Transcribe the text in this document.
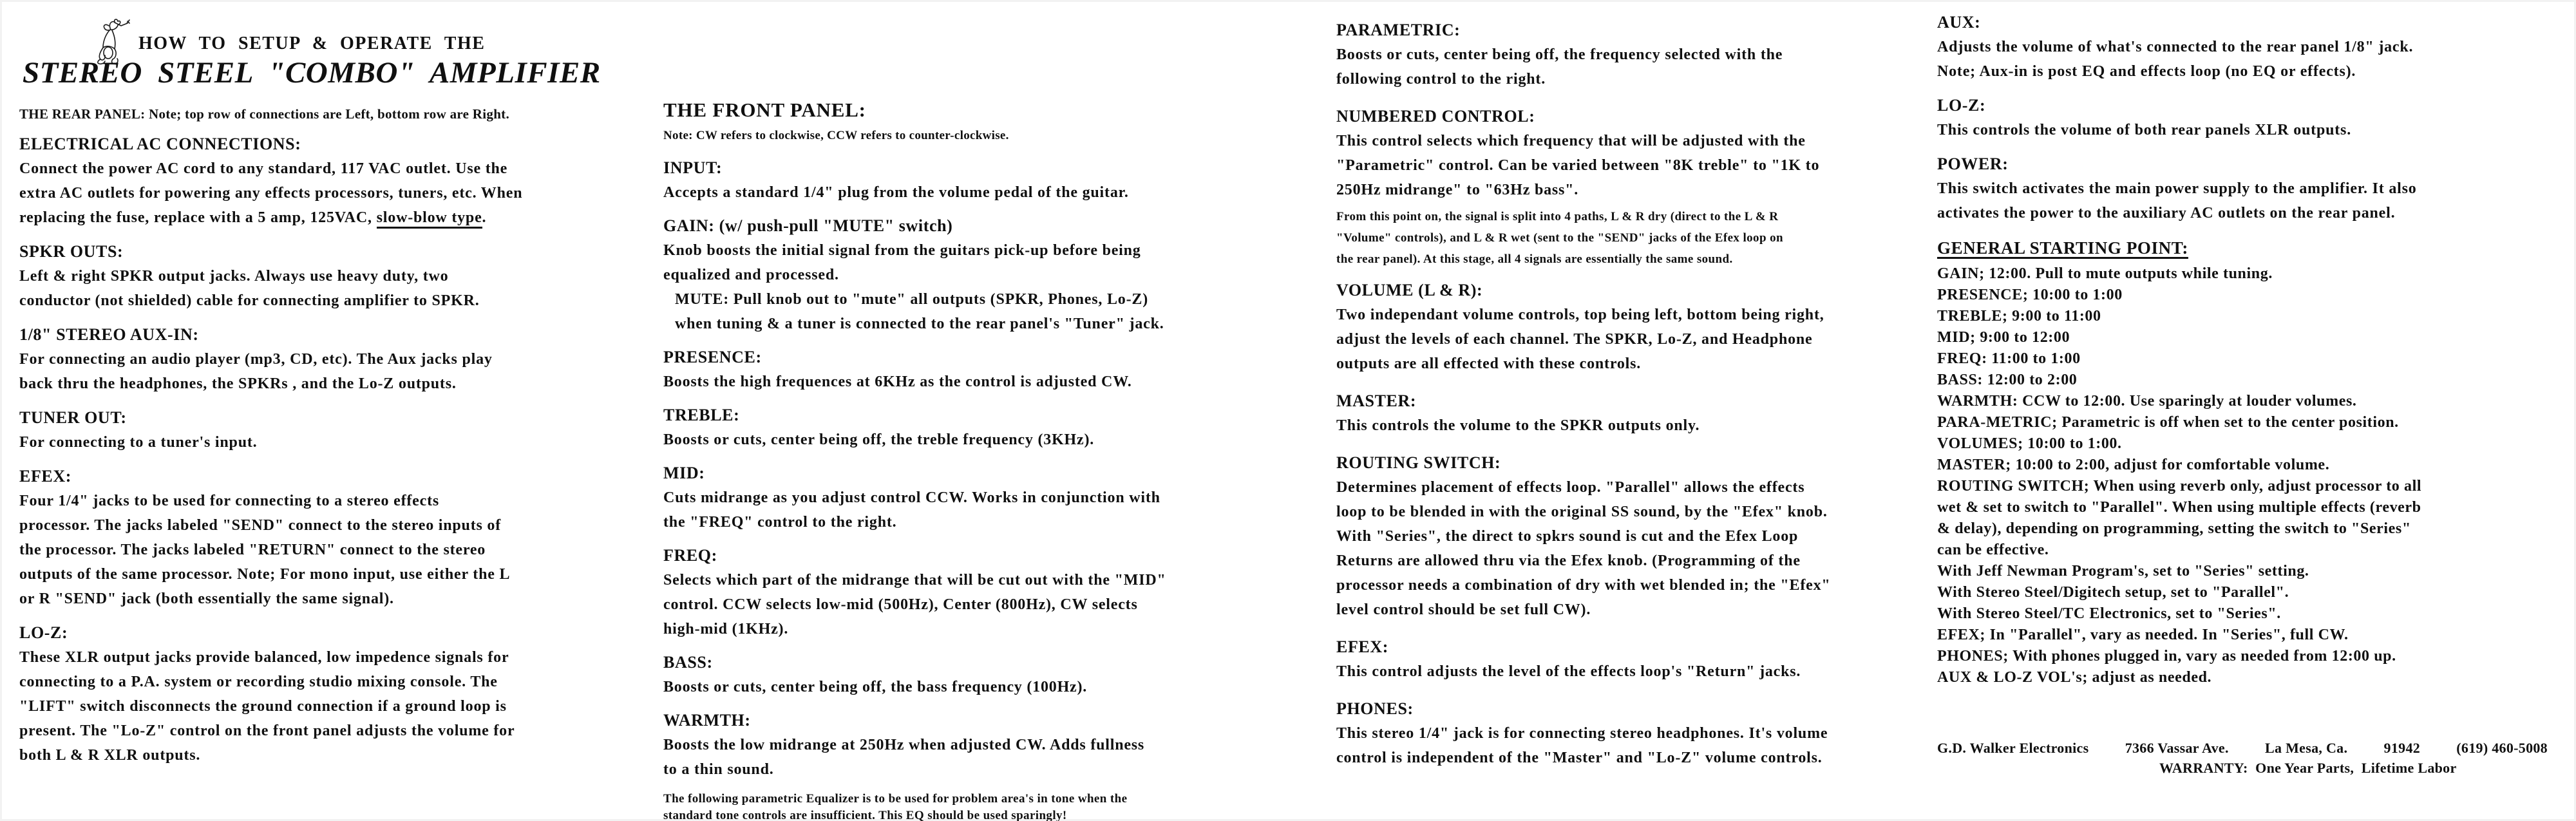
HOW TO SETUP & OPERATE THE
STEREO STEEL "COMBO" AMPLIFIER
THE REAR PANEL: Note; top row of connections are Left, bottom row are Right.
ELECTRICAL AC CONNECTIONS:
Connect the power AC cord to any standard, 117 VAC outlet. Use the
extra AC outlets for powering any effects processors, tuners, etc. When
replacing the fuse, replace with a 5 amp, 125VAC, slow-blow type.
SPKR OUTS:
Left & right SPKR output jacks. Always use heavy duty, two
conductor (not shielded) cable for connecting amplifier to SPKR.
1/8" STEREO AUX-IN:
For connecting an audio player (mp3, CD, etc). The Aux jacks play
back thru the headphones, the SPKRs , and the Lo-Z outputs.
TUNER OUT:
For connecting to a tuner's input.
EFEX:
Four 1/4" jacks to be used for connecting to a stereo effects
processor. The jacks labeled "SEND" connect to the stereo inputs of
the processor. The jacks labeled "RETURN" connect to the stereo
outputs of the same processor. Note; For mono input, use either the L
or R "SEND" jack (both essentially the same signal).
LO-Z:
These XLR output jacks provide balanced, low impedence signals for
connecting to a P.A. system or recording studio mixing console. The
"LIFT" switch disconnects the ground connection if a ground loop is
present. The "Lo-Z" control on the front panel adjusts the volume for
both L & R XLR outputs.
THE FRONT PANEL:
Note: CW refers to clockwise, CCW refers to counter-clockwise.
INPUT:
Accepts a standard 1/4" plug from the volume pedal of the guitar.
GAIN: (w/ push-pull "MUTE" switch)
Knob boosts the initial signal from the guitars pick-up before being
equalized and processed.
MUTE: Pull knob out to "mute" all outputs (SPKR, Phones, Lo-Z)
when tuning & a tuner is connected to the rear panel's "Tuner" jack.
PRESENCE:
Boosts the high frequences at 6KHz as the control is adjusted CW.
TREBLE:
Boosts or cuts, center being off, the treble frequency (3KHz).
MID:
Cuts midrange as you adjust control CCW. Works in conjunction with
the "FREQ" control to the right.
FREQ:
Selects which part of the midrange that will be cut out with the "MID"
control. CCW selects low-mid (500Hz), Center (800Hz), CW selects
high-mid (1KHz).
BASS:
Boosts or cuts, center being off, the bass frequency (100Hz).
WARMTH:
Boosts the low midrange at 250Hz when adjusted CW. Adds fullness
to a thin sound.
The following parametric Equalizer is to be used for problem area's in tone when the
standard tone controls are insufficient. This EQ should be used sparingly!
PARAMETRIC:
Boosts or cuts, center being off, the frequency selected with the
following control to the right.
NUMBERED CONTROL:
This control selects which frequency that will be adjusted with the
"Parametric" control. Can be varied between "8K treble" to "1K to
250Hz midrange" to "63Hz bass".
From this point on, the signal is split into 4 paths, L & R dry (direct to the L & R
"Volume" controls), and L & R wet (sent to the "SEND" jacks of the Efex loop on
the rear panel). At this stage, all 4 signals are essentially the same sound.
VOLUME (L & R):
Two independant volume controls, top being left, bottom being right,
adjust the levels of each channel. The SPKR, Lo-Z, and Headphone
outputs are all effected with these controls.
MASTER:
This controls the volume to the SPKR outputs only.
ROUTING SWITCH:
Determines placement of effects loop. "Parallel" allows the effects
loop to be blended in with the original SS sound, by the "Efex" knob.
With "Series", the direct to spkrs sound is cut and the Efex Loop
Returns are allowed thru via the Efex knob. (Programming of the
processor needs a combination of dry with wet blended in; the "Efex"
level control should be set full CW).
EFEX:
This control adjusts the level of the effects loop's "Return" jacks.
PHONES:
This stereo 1/4" jack is for connecting stereo headphones. It's volume
control is independent of the "Master" and "Lo-Z" volume controls.
AUX:
Adjusts the volume of what's connected to the rear panel 1/8" jack.
Note; Aux-in is post EQ and effects loop (no EQ or effects).
LO-Z:
This controls the volume of both rear panels XLR outputs.
POWER:
This switch activates the main power supply to the amplifier. It also
activates the power to the auxiliary AC outlets on the rear panel.
GENERAL STARTING POINT:
GAIN; 12:00. Pull to mute outputs while tuning.
PRESENCE; 10:00 to 1:00
TREBLE; 9:00 to 11:00
MID; 9:00 to 12:00
FREQ: 11:00 to 1:00
BASS: 12:00 to 2:00
WARMTH: CCW to 12:00. Use sparingly at louder volumes.
PARA-METRIC; Parametric is off when set to the center position.
VOLUMES; 10:00 to 1:00.
MASTER; 10:00 to 2:00, adjust for comfortable volume.
ROUTING SWITCH; When using reverb only, adjust processor to all
wet & set to switch to "Parallel". When using multiple effects (reverb
& delay), depending on programming, setting the switch to "Series"
can be effective.
With Jeff Newman Program's, set to "Series" setting.
With Stereo Steel/Digitech setup, set to "Parallel".
With Stereo Steel/TC Electronics, set to "Series".
EFEX; In "Parallel", vary as needed. In "Series", full CW.
PHONES; With phones plugged in, vary as needed from 12:00 up.
AUX & LO-Z VOL's; adjust as needed.
G.D. Walker Electronics	7366 Vassar Ave.	La Mesa, Ca.	91942	(619) 460-5008
WARRANTY:  One Year Parts,  Lifetime Labor
